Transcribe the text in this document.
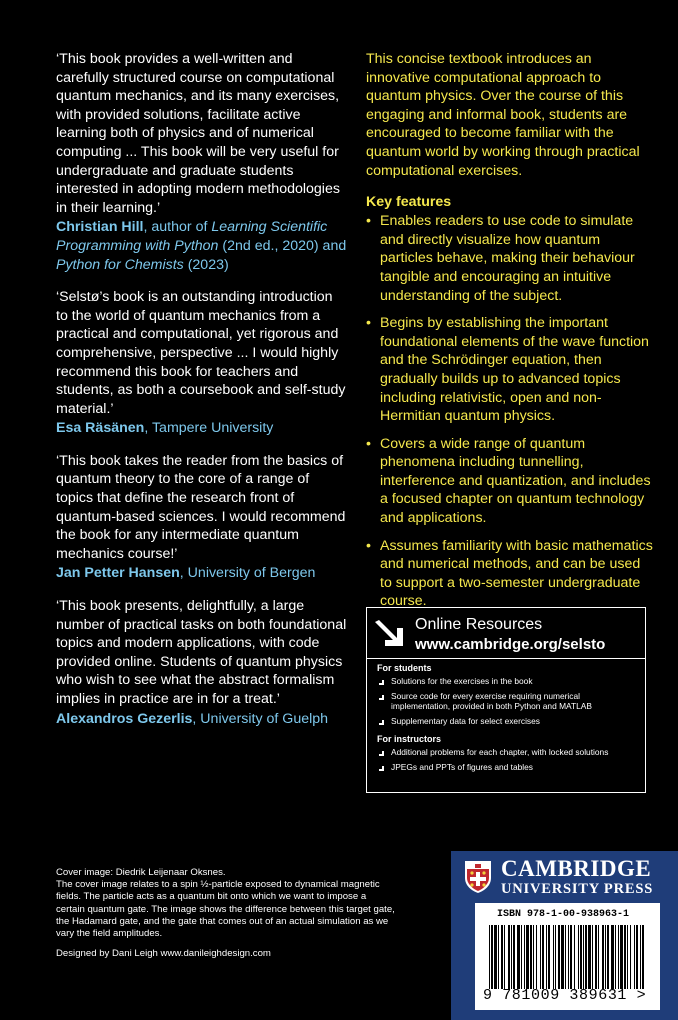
‘This book provides a well-written and carefully structured course on computational quantum mechanics, and its many exercises, with provided solutions, facilitate active learning both of physics and of numerical computing ... This book will be very useful for undergraduate and graduate students interested in adopting modern methodologies in their learning.’

Christian Hill, author of Learning Scientific Programming with Python (2nd ed., 2020) and Python for Chemists (2023)

‘Selstø’s book is an outstanding introduction to the world of quantum mechanics from a practical and computational, yet rigorous and comprehensive, perspective ... I would highly recommend this book for teachers and students, as both a coursebook and self-study material.’

Esa Räsänen, Tampere University

‘This book takes the reader from the basics of quantum theory to the core of a range of topics that define the research front of quantum-based sciences. I would recommend the book for any intermediate quantum mechanics course!’

Jan Petter Hansen, University of Bergen

‘This book presents, delightfully, a large number of practical tasks on both foundational topics and modern applications, with code provided online. Students of quantum physics who wish to see what the abstract formalism implies in practice are in for a treat.’

Alexandros Gezerlis, University of Guelph

This concise textbook introduces an innovative computational approach to quantum physics. Over the course of this engaging and informal book, students are encouraged to become familiar with the quantum world by working through practical computational exercises.

Key features
• Enables readers to use code to simulate and directly visualize how quantum particles behave, making their behaviour tangible and encouraging an intuitive understanding of the subject.
• Begins by establishing the important foundational elements of the wave function and the Schrödinger equation, then gradually builds up to advanced topics including relativistic, open and non-Hermitian quantum physics.
• Covers a wide range of quantum phenomena including tunnelling, interference and quantization, and includes a focused chapter on quantum technology and applications.
• Assumes familiarity with basic mathematics and numerical methods, and can be used to support a two-semester undergraduate course.
Online Resources
www.cambridge.org/selsto
For students
Solutions for the exercises in the book
Source code for every exercise requiring numerical implementation, provided in both Python and MATLAB
Supplementary data for select exercises
For instructors
Additional problems for each chapter, with locked solutions
JPEGs and PPTs of figures and tables
Cover image: Diedrik Leijenaar Oksnes.
The cover image relates to a spin ½-particle exposed to dynamical magnetic fields. The particle acts as a quantum bit onto which we want to impose a certain quantum gate. The image shows the difference between this target gate, the Hadamard gate, and the gate that comes out of an actual simulation as we vary the field amplitudes.
Designed by Dani Leigh www.danileighdesign.com
CAMBRIDGE
UNIVERSITY PRESS
ISBN 978-1-00-938963-1
9 781009 389631 >
